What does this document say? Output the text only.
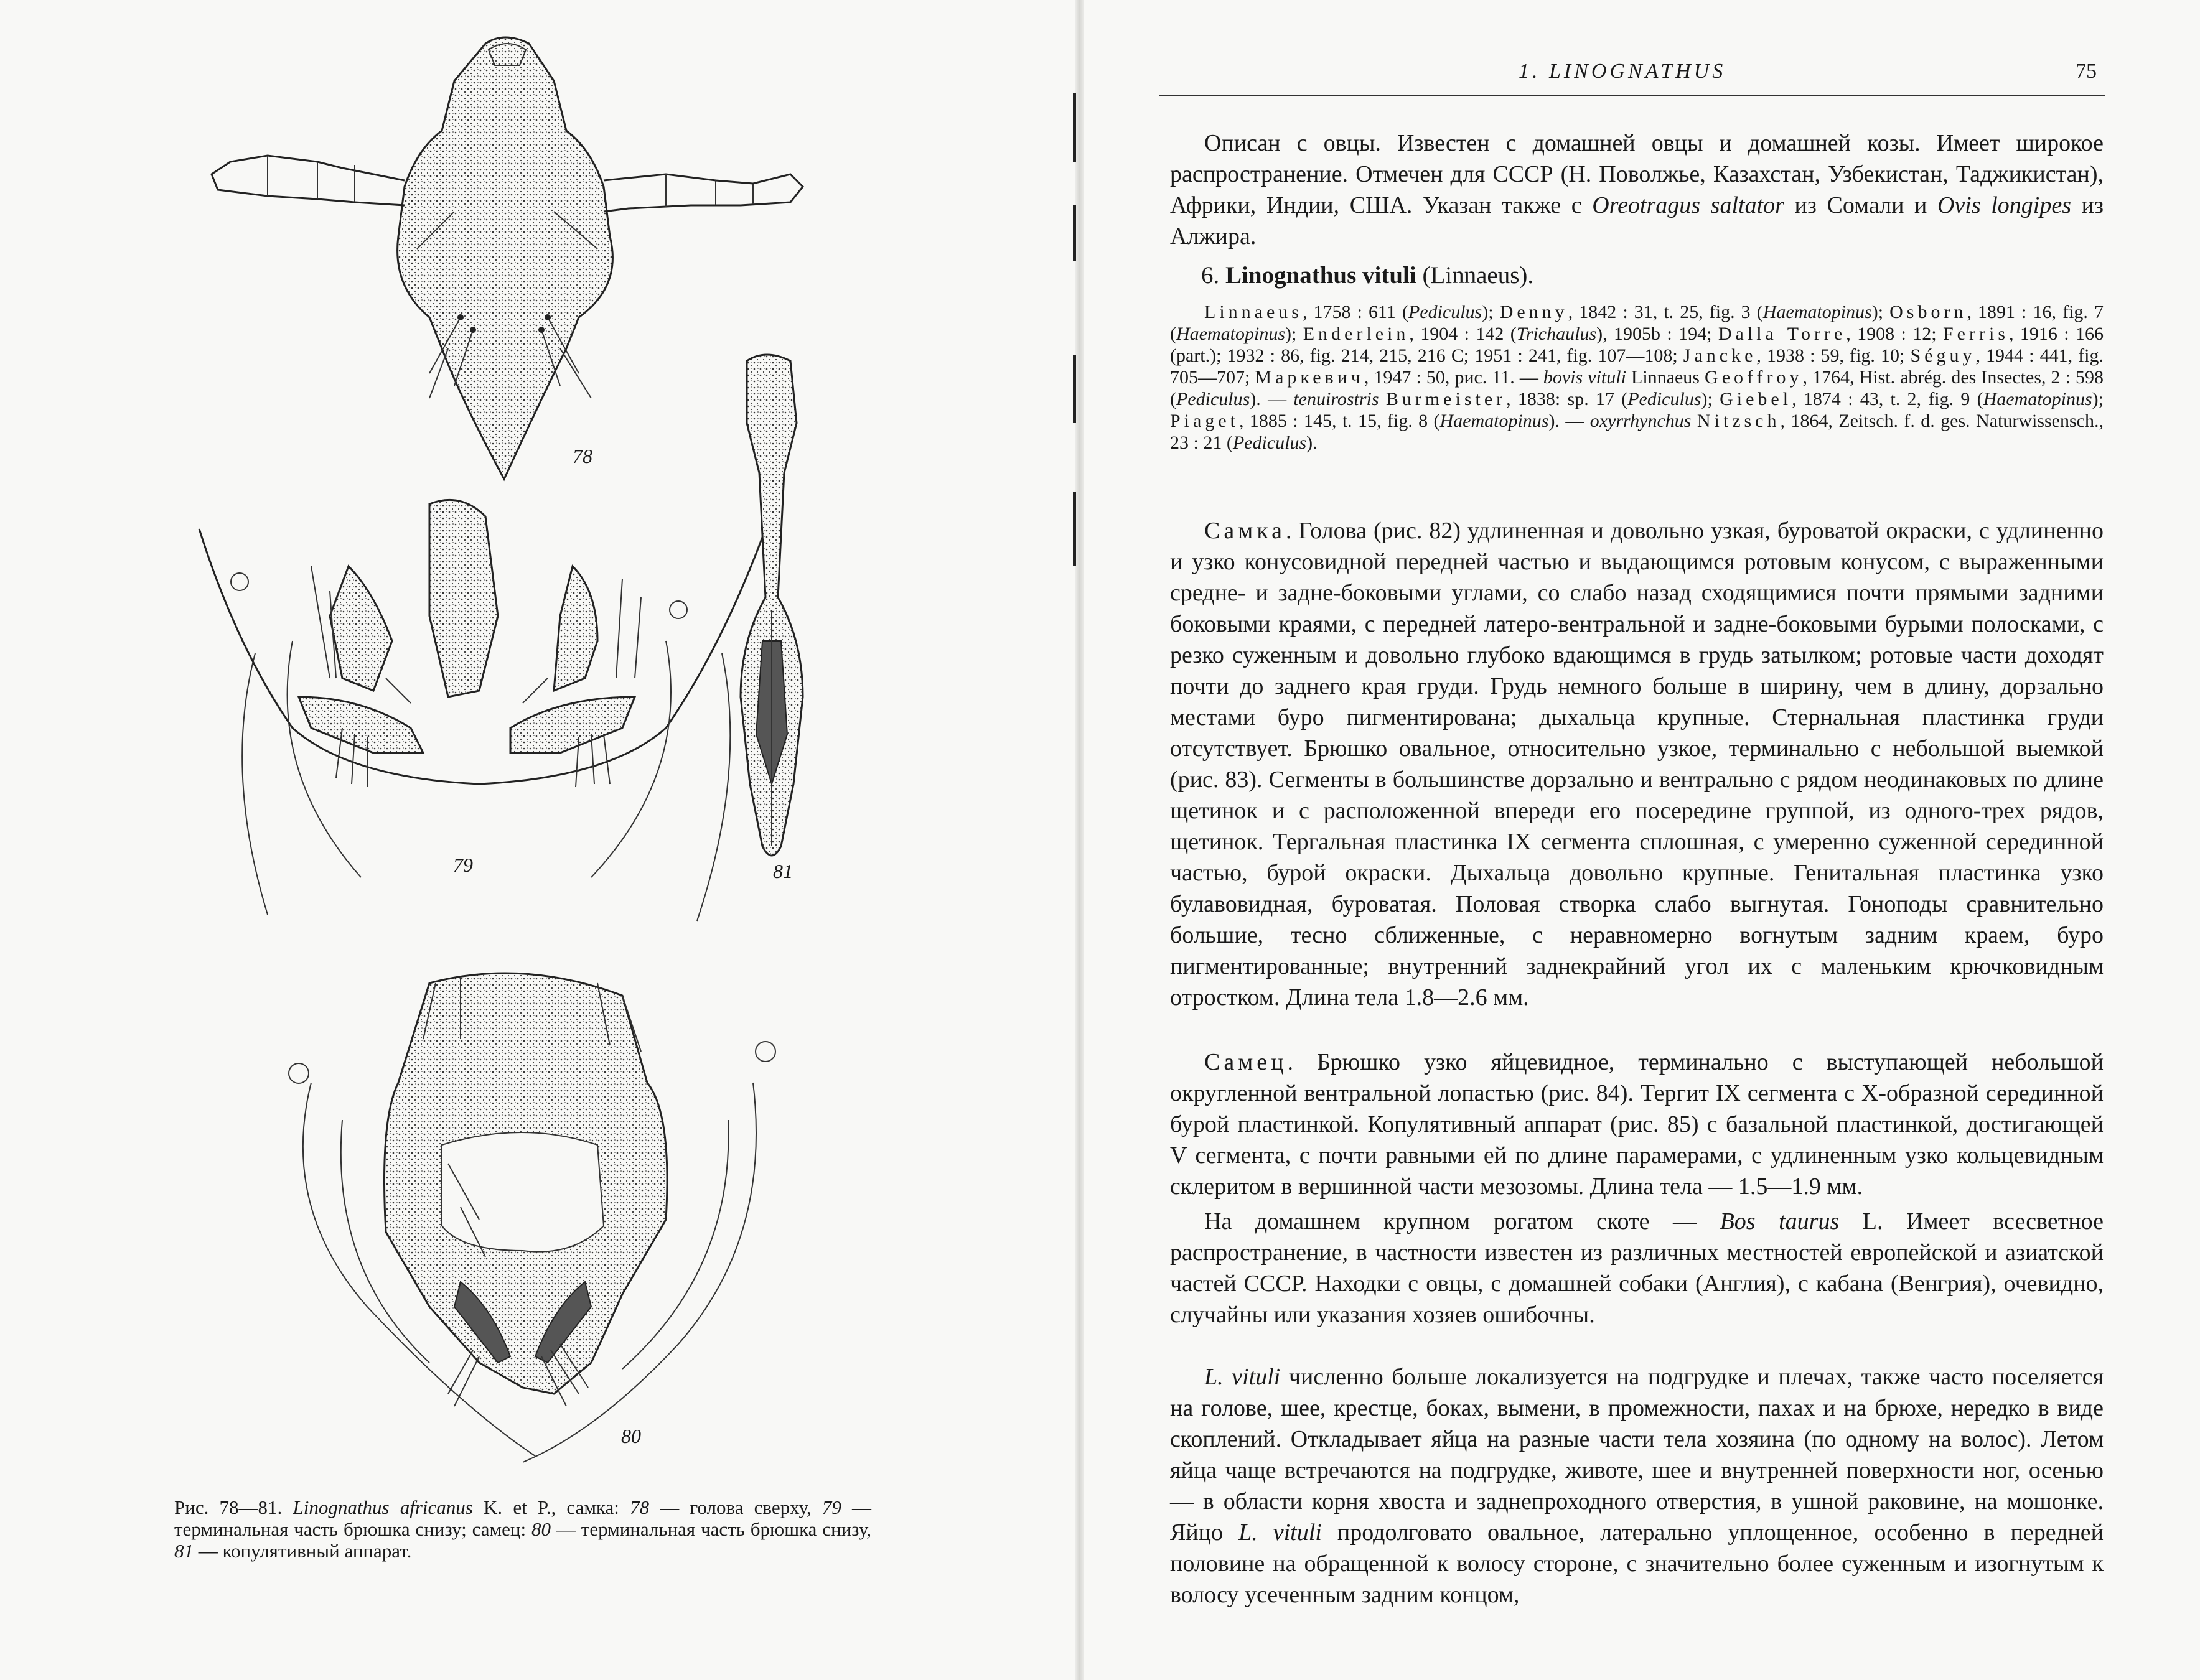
78
79	81
80
Рис. 78—81. Linognathus africanus K. et P., самка: 78 — голова сверху, 79 — терминальная часть брюшка снизу; самец: 80 — терминальная часть брюшка снизу, 81 — копулятивный аппарат.
1. LINOGNATHUS	75
Описан с овцы. Известен с домашней овцы и домашней козы. Имеет широкое распространение. Отмечен для СССР (Н. Поволжье, Казахстан, Узбекистан, Таджикистан), Африки, Индии, США. Указан также с Oreotragus saltator из Сомали и Ovis longipes из Алжира.
6. Linognathus vituli (Linnaeus).
Linnaeus, 1758 : 611 (Pediculus); Denny, 1842 : 31, t. 25, fig. 3 (Haematopinus); Osborn, 1891 : 16, fig. 7 (Haematopinus); Enderlein, 1904 : 142 (Trichaulus), 1905b : 194; Dalla Torre, 1908 : 12; Ferris, 1916 : 166 (part.); 1932 : 86, fig. 214, 215, 216 C; 1951 : 241, fig. 107—108; Jancke, 1938 : 59, fig. 10; Séguy, 1944 : 441, fig. 705—707; Маркевич, 1947 : 50, рис. 11. — bovis vituli Linnaeus Geoffroy, 1764, Hist. abrég. des Insectes, 2 : 598 (Pediculus). — tenuirostris Burmeister, 1838: sp. 17 (Pediculus); Giebel, 1874 : 43, t. 2, fig. 9 (Haematopinus); Piaget, 1885 : 145, t. 15, fig. 8 (Haematopinus). — oxyrrhynchus Nitzsch, 1864, Zeitsch. f. d. ges. Naturwissensch., 23 : 21 (Pediculus).
Самка. Голова (рис. 82) удлиненная и довольно узкая, буроватой окраски, с удлиненно и узко конусовидной передней частью и выдающимся ротовым конусом, с выраженными средне- и задне-боковыми углами, со слабо назад сходящимися почти прямыми задними боковыми краями, с передней латеро-вентральной и задне-боковыми бурыми полосками, с резко суженным и довольно глубоко вдающимся в грудь затылком; ротовые части доходят почти до заднего края груди. Грудь немного больше в ширину, чем в длину, дорзально местами буро пигментирована; дыхальца крупные. Стернальная пластинка груди отсутствует. Брюшко овальное, относительно узкое, терминально с небольшой выемкой (рис. 83). Сегменты в большинстве дорзально и вентрально с рядом неодинаковых по длине щетинок и с расположенной впереди его посередине группой, из одного-трех рядов, щетинок. Тергальная пластинка IX сегмента сплошная, с умеренно суженной серединной частью, бурой окраски. Дыхальца довольно крупные. Генитальная пластинка узко булавовидная, буроватая. Половая створка слабо выгнутая. Гоноподы сравнительно большие, тесно сближенные, с неравномерно вогнутым задним краем, буро пигментированные; внутренний заднекрайний угол их с маленьким крючковидным отростком. Длина тела 1.8—2.6 мм.
Самец. Брюшко узко яйцевидное, терминально с выступающей небольшой округленной вентральной лопастью (рис. 84). Тергит IX сегмента с X-образной серединной бурой пластинкой. Копулятивный аппарат (рис. 85) с базальной пластинкой, достигающей V сегмента, с почти равными ей по длине парамерами, с удлиненным узко кольцевидным склеритом в вершинной части мезозомы. Длина тела — 1.5—1.9 мм.
На домашнем крупном рогатом скоте — Bos taurus L. Имеет всесветное распространение, в частности известен из различных местностей европейской и азиатской частей СССР. Находки с овцы, с домашней собаки (Англия), с кабана (Венгрия), очевидно, случайны или указания хозяев ошибочны.
L. vituli численно больше локализуется на подгрудке и плечах, также часто поселяется на голове, шее, крестце, боках, вымени, в промежности, пахах и на брюхе, нередко в виде скоплений. Откладывает яйца на разные части тела хозяина (по одному на волос). Летом яйца чаще встречаются на подгрудке, животе, шее и внутренней поверхности ног, осенью — в области корня хвоста и заднепроходного отверстия, в ушной раковине, на мошонке. Яйцо L. vituli продолговато овальное, латерально уплощенное, особенно в передней половине на обращенной к волосу стороне, с значительно более суженным и изогнутым к волосу усеченным задним концом,
